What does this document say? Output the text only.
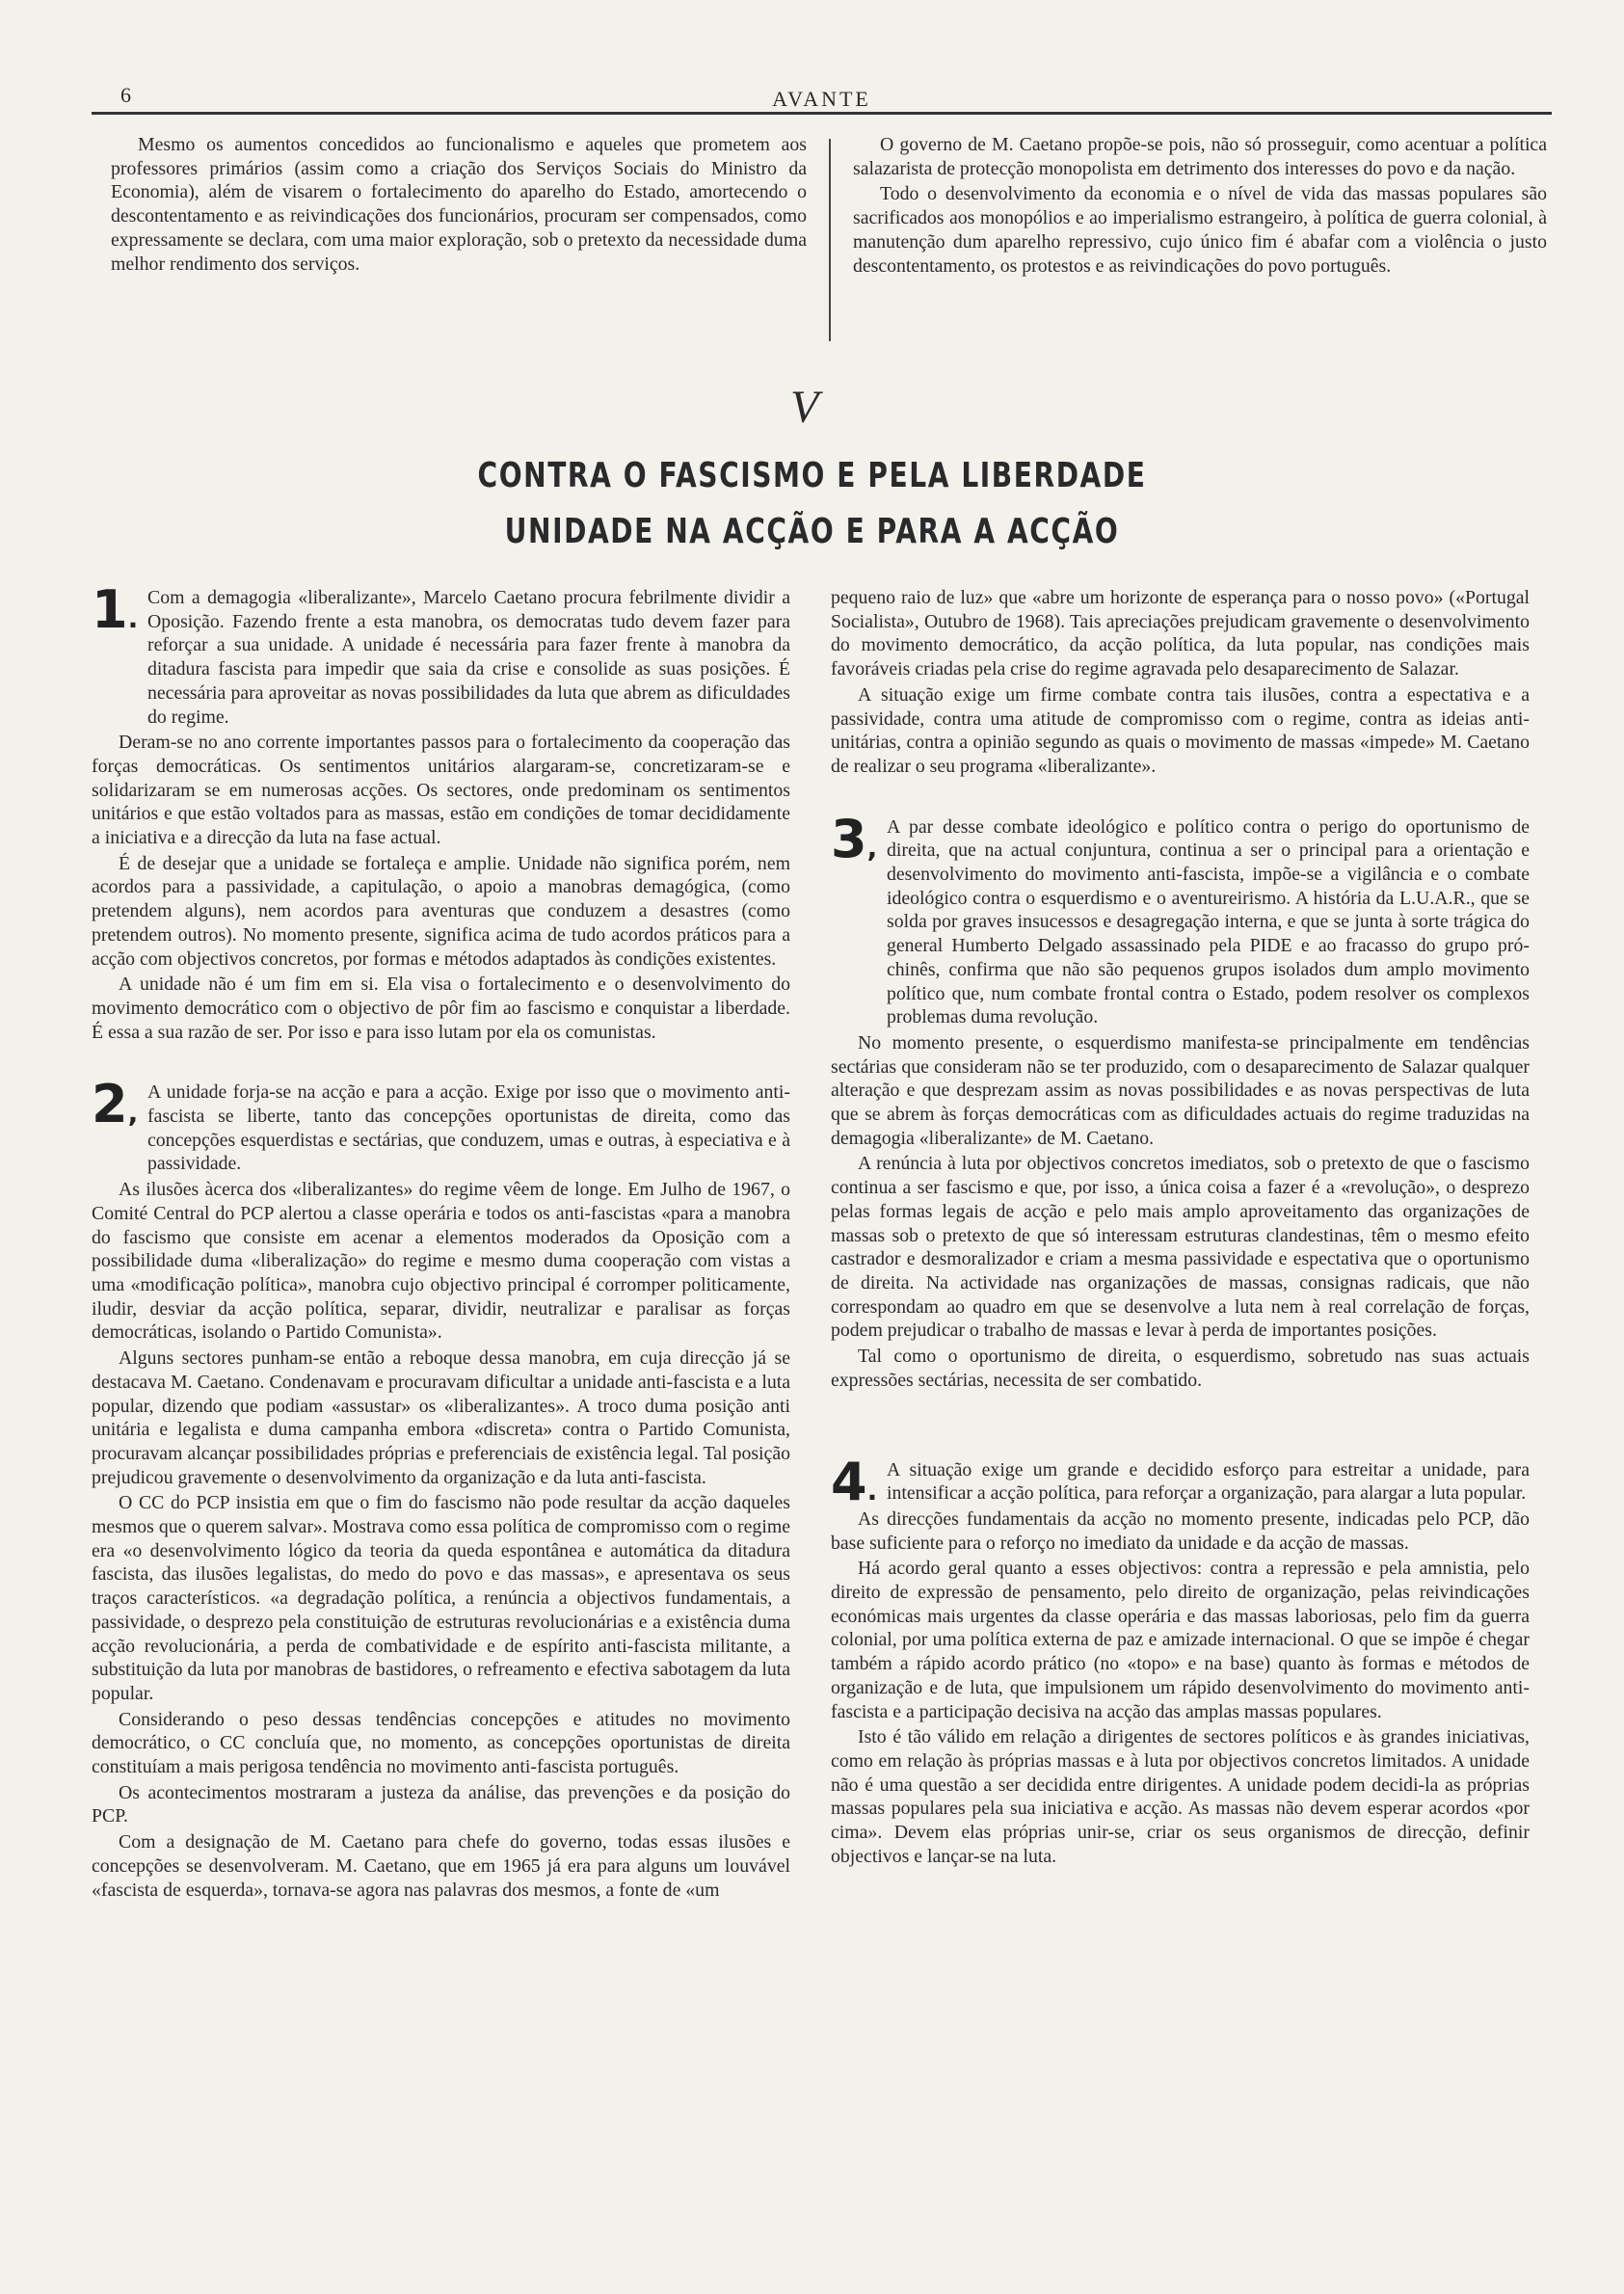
6	AVANTE

Mesmo os aumentos concedidos ao funcionalismo e aqueles que prometem aos professores primários (assim como a criação dos Serviços Sociais do Ministro da Economia), além de visarem o fortalecimento do aparelho do Estado, amortecendo o descontentamento e as reivindicações dos funcionários, procuram ser compensados, como expressamente se declara, com uma maior exploração, sob o pretexto da necessidade duma melhor rendimento dos serviços.

O governo de M. Caetano propõe-se pois, não só prosseguir, como acentuar a política salazarista de protecção monopolista em detrimento dos interesses do povo e da nação.

Todo o desenvolvimento da economia e o nível de vida das massas populares são sacrificados aos monopólios e ao imperialismo estrangeiro, à política de guerra colonial, à manutenção dum aparelho repressivo, cujo único fim é abafar com a violência o justo descontentamento, os protestos e as reivindicações do povo português.

V
CONTRA O FASCISMO E PELA LIBERDADE
UNIDADE NA ACÇÃO E PARA A ACÇÃO
1.

Com a demagogia «liberalizante», Marcelo Caetano procura febrilmente dividir a Oposição. Fazendo frente a esta manobra, os democratas tudo devem fazer para reforçar a sua unidade. A unidade é necessária para fazer frente à manobra da ditadura fascista para impedir que saia da crise e consolide as suas posições. É necessária para aproveitar as novas possibilidades da luta que abrem as dificuldades do regime.

Deram-se no ano corrente importantes passos para o fortalecimento da cooperação das forças democráticas. Os sentimentos unitários alargaram-se, concretizaram-se e solidarizaram se em numerosas acções. Os sectores, onde predominam os sentimentos unitários e que estão voltados para as massas, estão em condições de tomar decididamente a iniciativa e a direcção da luta na fase actual.

É de desejar que a unidade se fortaleça e amplie. Unidade não significa porém, nem acordos para a passividade, a capitulação, o apoio a manobras demagógica, (como pretendem alguns), nem acordos para aventuras que conduzem a desastres (como pretendem outros). No momento presente, significa acima de tudo acordos práticos para a acção com objectivos concretos, por formas e métodos adaptados às condições existentes.

A unidade não é um fim em si. Ela visa o fortalecimento e o desenvolvimento do movimento democrático com o objectivo de pôr fim ao fascismo e conquistar a liberdade. É essa a sua razão de ser. Por isso e para isso lutam por ela os comunistas.

2,

A unidade forja-se na acção e para a acção. Exige por isso que o movimento anti-fascista se liberte, tanto das concepções oportunistas de direita, como das concepções esquerdistas e sectárias, que conduzem, umas e outras, à especiativa e à passividade.

As ilusões àcerca dos «liberalizantes» do regime vêem de longe. Em Julho de 1967, o Comité Central do PCP alertou a classe operária e todos os anti-fascistas «para a manobra do fascismo que consiste em acenar a elementos moderados da Oposição com a possibilidade duma «liberalização» do regime e mesmo duma cooperação com vistas a uma «modificação política», manobra cujo objectivo principal é corromper politicamente, iludir, desviar da acção política, separar, dividir, neutralizar e paralisar as forças democráticas, isolando o Partido Comunista».

Alguns sectores punham-se então a reboque dessa manobra, em cuja direcção já se destacava M. Caetano. Condenavam e procuravam dificultar a unidade anti-fascista e a luta popular, dizendo que podiam «assustar» os «liberalizantes». A troco duma posição anti unitária e legalista e duma campanha embora «discreta» contra o Partido Comunista, procuravam alcançar possibilidades próprias e preferenciais de existência legal. Tal posição prejudicou gravemente o desenvolvimento da organização e da luta anti-fascista.

O CC do PCP insistia em que o fim do fascismo não pode resultar da acção daqueles mesmos que o querem salvar». Mostrava como essa política de compromisso com o regime era «o desenvolvimento lógico da teoria da queda espontânea e automática da ditadura fascista, das ilusões legalistas, do medo do povo e das massas», e apresentava os seus traços característicos. «a degradação política, a renúncia a objectivos fundamentais, a passividade, o desprezo pela constituição de estruturas revolucionárias e a existência duma acção revolucionária, a perda de combatividade e de espírito anti-fascista militante, a substituição da luta por manobras de bastidores, o refreamento e efectiva sabotagem da luta popular.

Considerando o peso dessas tendências concepções e atitudes no movimento democrático, o CC concluía que, no momento, as concepções oportunistas de direita constituíam a mais perigosa tendência no movimento anti-fascista português.

Os acontecimentos mostraram a justeza da análise, das prevenções e da posição do PCP.

Com a designação de M. Caetano para chefe do governo, todas essas ilusões e concepções se desenvolveram. M. Caetano, que em 1965 já era para alguns um louvável «fascista de esquerda», tornava-se agora nas palavras dos mesmos, a fonte de «um

pequeno raio de luz» que «abre um horizonte de esperança para o nosso povo» («Portugal Socialista», Outubro de 1968). Tais apreciações prejudicam gravemente o desenvolvimento do movimento democrático, da acção política, da luta popular, nas condições mais favoráveis criadas pela crise do regime agravada pelo desaparecimento de Salazar.

A situação exige um firme combate contra tais ilusões, contra a espectativa e a passividade, contra uma atitude de compromisso com o regime, contra as ideias anti-unitárias, contra a opinião segundo as quais o movimento de massas «impede» M. Caetano de realizar o seu programa «liberalizante».

3,

A par desse combate ideológico e político contra o perigo do oportunismo de direita, que na actual conjuntura, continua a ser o principal para a orientação e desenvolvimento do movimento anti-fascista, impõe-se a vigilância e o combate ideológico contra o esquerdismo e o aventureirismo. A história da L.U.A.R., que se solda por graves insucessos e desagregação interna, e que se junta à sorte trágica do general Humberto Delgado assassinado pela PIDE e ao fracasso do grupo pró-chinês, confirma que não são pequenos grupos isolados dum amplo movimento político que, num combate frontal contra o Estado, podem resolver os complexos problemas duma revolução.

No momento presente, o esquerdismo manifesta-se principalmente em tendências sectárias que consideram não se ter produzido, com o desaparecimento de Salazar qualquer alteração e que desprezam assim as novas possibilidades e as novas perspectivas de luta que se abrem às forças democráticas com as dificuldades actuais do regime traduzidas na demagogia «liberalizante» de M. Caetano.

A renúncia à luta por objectivos concretos imediatos, sob o pretexto de que o fascismo continua a ser fascismo e que, por isso, a única coisa a fazer é a «revolução», o desprezo pelas formas legais de acção e pelo mais amplo aproveitamento das organizações de massas sob o pretexto de que só interessam estruturas clandestinas, têm o mesmo efeito castrador e desmoralizador e criam a mesma passividade e espectativa que o oportunismo de direita. Na actividade nas organizações de massas, consignas radicais, que não correspondam ao quadro em que se desenvolve a luta nem à real correlação de forças, podem prejudicar o trabalho de massas e levar à perda de importantes posições.

Tal como o oportunismo de direita, o esquerdismo, sobretudo nas suas actuais expressões sectárias, necessita de ser combatido.

4.

A situação exige um grande e decidido esforço para estreitar a unidade, para intensificar a acção política, para reforçar a organização, para alargar a luta popular.

As direcções fundamentais da acção no momento presente, indicadas pelo PCP, dão base suficiente para o reforço no imediato da unidade e da acção de massas.

Há acordo geral quanto a esses objectivos: contra a repressão e pela amnistia, pelo direito de expressão de pensamento, pelo direito de organização, pelas reivindicações económicas mais urgentes da classe operária e das massas laboriosas, pelo fim da guerra colonial, por uma política externa de paz e amizade internacional. O que se impõe é chegar também a rápido acordo prático (no «topo» e na base) quanto às formas e métodos de organização e de luta, que impulsionem um rápido desenvolvimento do movimento anti-fascista e a participação decisiva na acção das amplas massas populares.

Isto é tão válido em relação a dirigentes de sectores políticos e às grandes iniciativas, como em relação às próprias massas e à luta por objectivos concretos limitados. A unidade não é uma questão a ser decidida entre dirigentes. A unidade podem decidi-la as próprias massas populares pela sua iniciativa e acção. As massas não devem esperar acordos «por cima». Devem elas próprias unir-se, criar os seus organismos de direcção, definir objectivos e lançar-se na luta.
